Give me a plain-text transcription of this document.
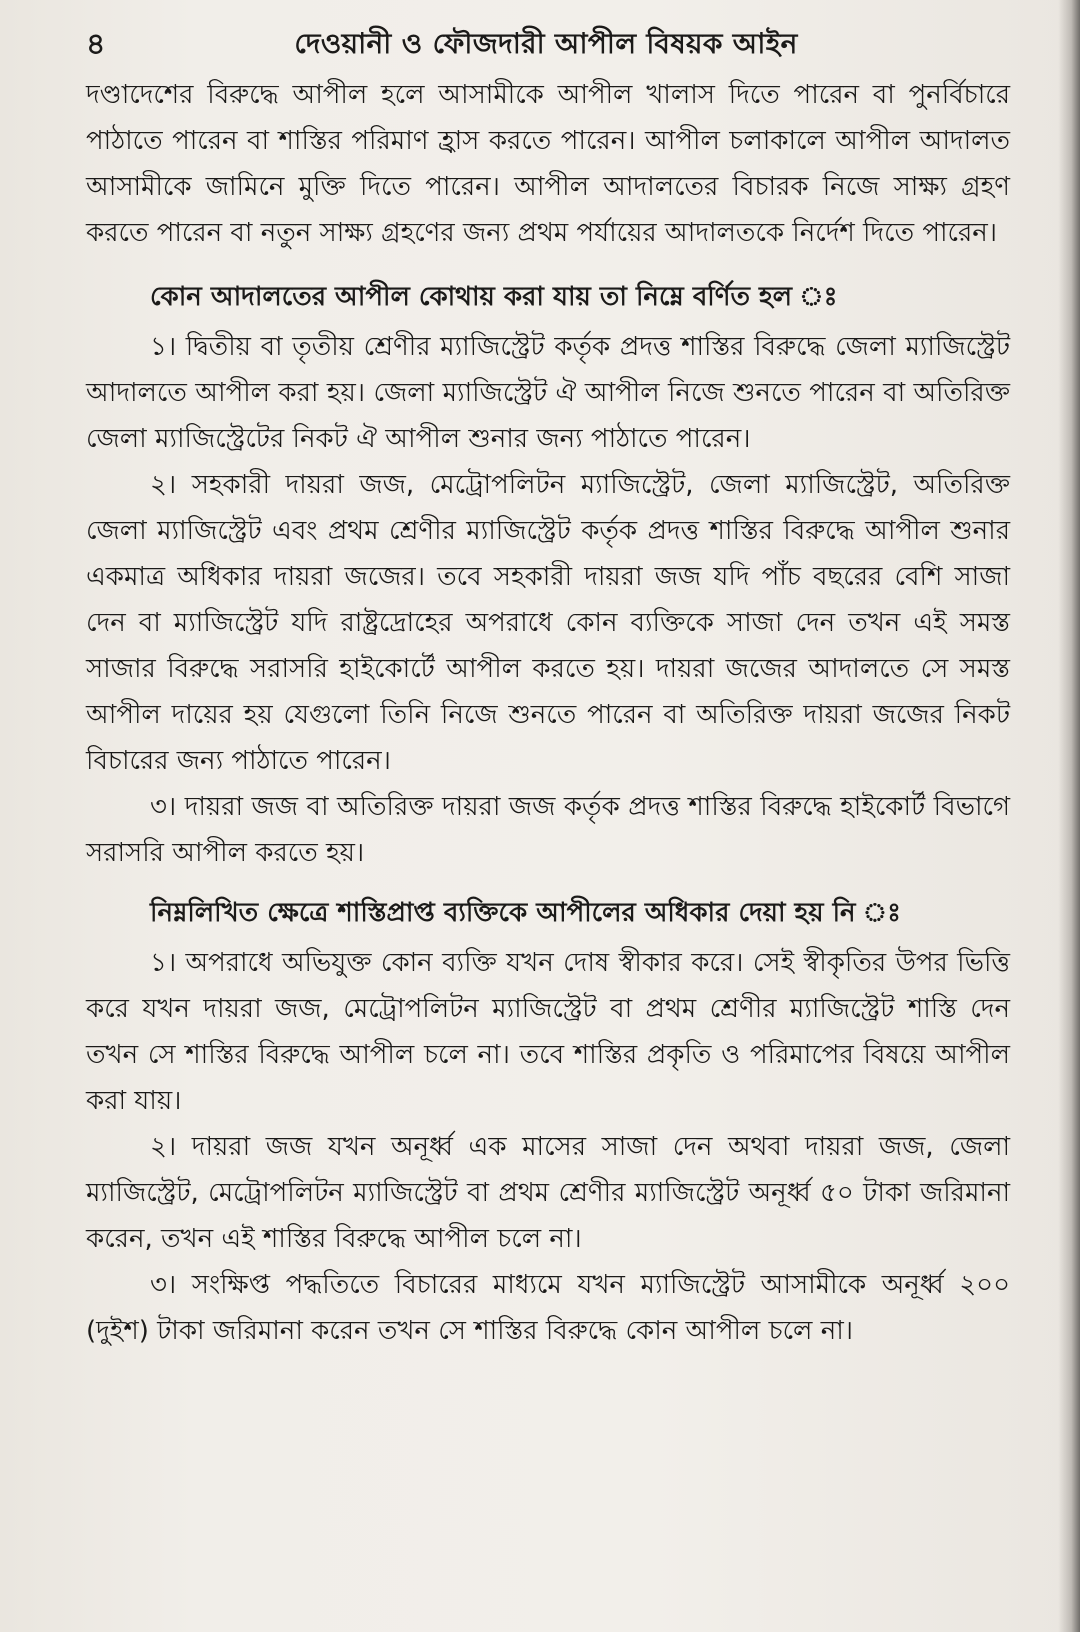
৪	দেওয়ানী ও ফৌজদারী আপীল বিষয়ক আইন

দণ্ডাদেশের বিরুদ্ধে আপীল হলে আসামীকে আপীল খালাস দিতে পারেন বা পুনর্বিচারে পাঠাতে পারেন বা শাস্তির পরিমাণ হ্রাস করতে পারেন। আপীল চলাকালে আপীল আদালত আসামীকে জামিনে মুক্তি দিতে পারেন। আপীল আদালতের বিচারক নিজে সাক্ষ্য গ্রহণ করতে পারেন বা নতুন সাক্ষ্য গ্রহণের জন্য প্রথম পর্যায়ের আদালতকে নির্দেশ দিতে পারেন।

কোন আদালতের আপীল কোথায় করা যায় তা নিম্নে বর্ণিত হল ঃ

১। দ্বিতীয় বা তৃতীয় শ্রেণীর ম্যাজিস্ট্রেট কর্তৃক প্রদত্ত শাস্তির বিরুদ্ধে জেলা ম্যাজিস্ট্রেট আদালতে আপীল করা হয়। জেলা ম্যাজিস্ট্রেট ঐ আপীল নিজে শুনতে পারেন বা অতিরিক্ত জেলা ম্যাজিস্ট্রেটের নিকট ঐ আপীল শুনার জন্য পাঠাতে পারেন।

২। সহকারী দায়রা জজ, মেট্রোপলিটন ম্যাজিস্ট্রেট, জেলা ম্যাজিস্ট্রেট, অতিরিক্ত জেলা ম্যাজিস্ট্রেট এবং প্রথম শ্রেণীর ম্যাজিস্ট্রেট কর্তৃক প্রদত্ত শাস্তির বিরুদ্ধে আপীল শুনার একমাত্র অধিকার দায়রা জজের। তবে সহকারী দায়রা জজ যদি পাঁচ বছরের বেশি সাজা দেন বা ম্যাজিস্ট্রেট যদি রাষ্ট্রদ্রোহের অপরাধে কোন ব্যক্তিকে সাজা দেন তখন এই সমস্ত সাজার বিরুদ্ধে সরাসরি হাইকোর্টে আপীল করতে হয়। দায়রা জজের আদালতে সে সমস্ত আপীল দায়ের হয় যেগুলো তিনি নিজে শুনতে পারেন বা অতিরিক্ত দায়রা জজের নিকট বিচারের জন্য পাঠাতে পারেন।

৩। দায়রা জজ বা অতিরিক্ত দায়রা জজ কর্তৃক প্রদত্ত শাস্তির বিরুদ্ধে হাইকোর্ট বিভাগে সরাসরি আপীল করতে হয়।

নিম্নলিখিত ক্ষেত্রে শাস্তিপ্রাপ্ত ব্যক্তিকে আপীলের অধিকার দেয়া হয় নি ঃ

১। অপরাধে অভিযুক্ত কোন ব্যক্তি যখন দোষ স্বীকার করে। সেই স্বীকৃতির উপর ভিত্তি করে যখন দায়রা জজ, মেট্রোপলিটন ম্যাজিস্ট্রেট বা প্রথম শ্রেণীর ম্যাজিস্ট্রেট শাস্তি দেন তখন সে শাস্তির বিরুদ্ধে আপীল চলে না। তবে শাস্তির প্রকৃতি ও পরিমাপের বিষয়ে আপীল করা যায়।

২। দায়রা জজ যখন অনূর্ধ্ব এক মাসের সাজা দেন অথবা দায়রা জজ, জেলা ম্যাজিস্ট্রেট, মেট্রোপলিটন ম্যাজিস্ট্রেট বা প্রথম শ্রেণীর ম্যাজিস্ট্রেট অনূর্ধ্ব ৫০ টাকা জরিমানা করেন, তখন এই শাস্তির বিরুদ্ধে আপীল চলে না।

৩। সংক্ষিপ্ত পদ্ধতিতে বিচারের মাধ্যমে যখন ম্যাজিস্ট্রেট আসামীকে অনূর্ধ্ব ২০০ (দুইশ) টাকা জরিমানা করেন তখন সে শাস্তির বিরুদ্ধে কোন আপীল চলে না।
